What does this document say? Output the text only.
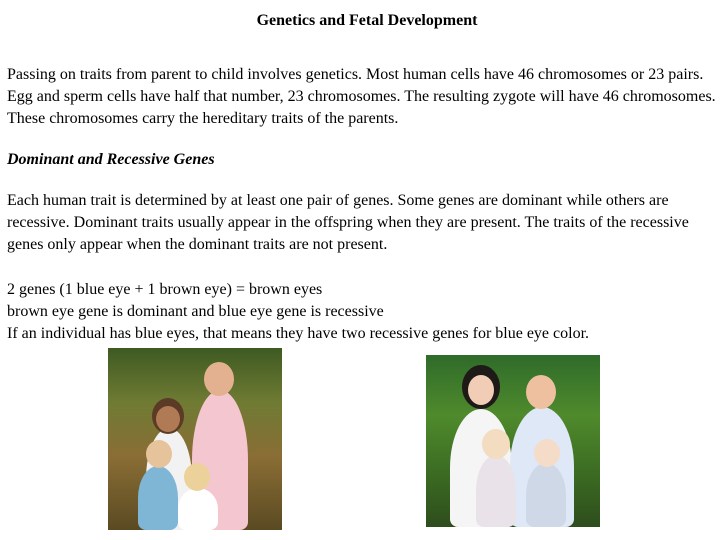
Genetics and Fetal Development

Passing on traits from parent to child involves genetics. Most human cells have 46 chromosomes or 23 pairs. Egg and sperm cells have half that number, 23 chromosomes. The resulting zygote will have 46 chromosomes. These chromosomes carry the hereditary traits of the parents.

Dominant and Recessive Genes

Each human trait is determined by at least one pair of genes. Some genes are dominant while others are recessive. Dominant traits usually appear in the offspring when they are present. The traits of the recessive genes only appear when the dominant traits are not present.

2 genes (1 blue eye + 1 brown eye) = brown eyes
brown eye gene is dominant and blue eye gene is recessive
If an individual has blue eyes, that means they have two recessive genes for blue eye color.
